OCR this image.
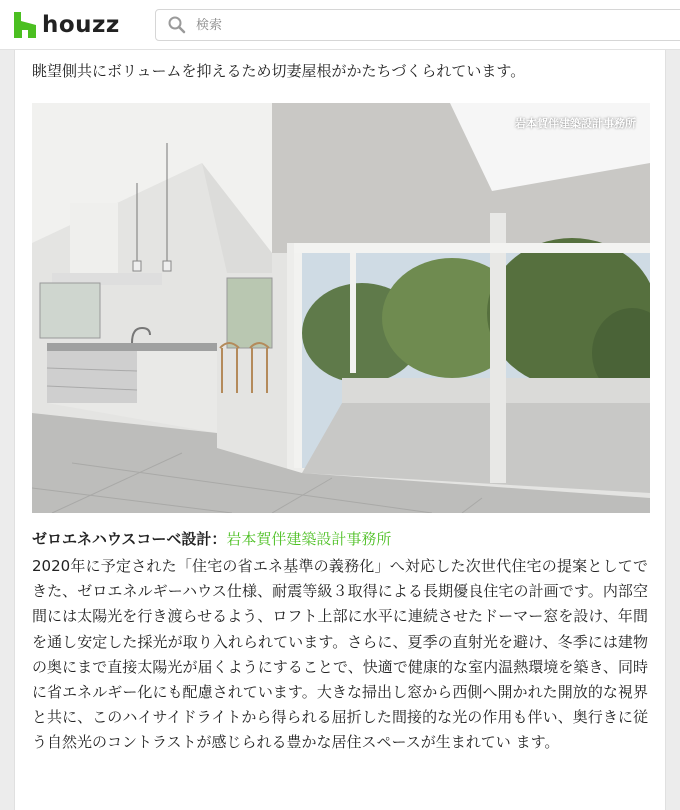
houzz
検索
眺望側共にボリュームを抑えるため切妻屋根がかたちづくられています。
岩本賀伴建築設計事務所
ゼロエネハウスコーベ設計：岩本賀伴建築設計事務所
2020年に予定された「住宅の省エネ基準の義務化」へ対応した次世代住宅の提案としてできた、ゼロエネルギーハウス仕様、耐震等級３取得による長期優良住宅の計画です。内部空間には太陽光を行き渡らせるよう、ロフト上部に水平に連続させたドーマー窓を設け、年間を通し安定した採光が取り入れられています。さらに、夏季の直射光を避け、冬季には建物の奥にまで直接太陽光が届くようにすることで、快適で健康的な室内温熱環境を築き、同時に省エネルギー化にも配慮されています。大きな掃出し窓から西側へ開かれた開放的な視界と共に、このハイサイドライトから得られる屈折した間接的な光の作用も伴い、奥行きに従う自然光のコントラストが感じられる豊かな居住スペースが生まれてい ます。
